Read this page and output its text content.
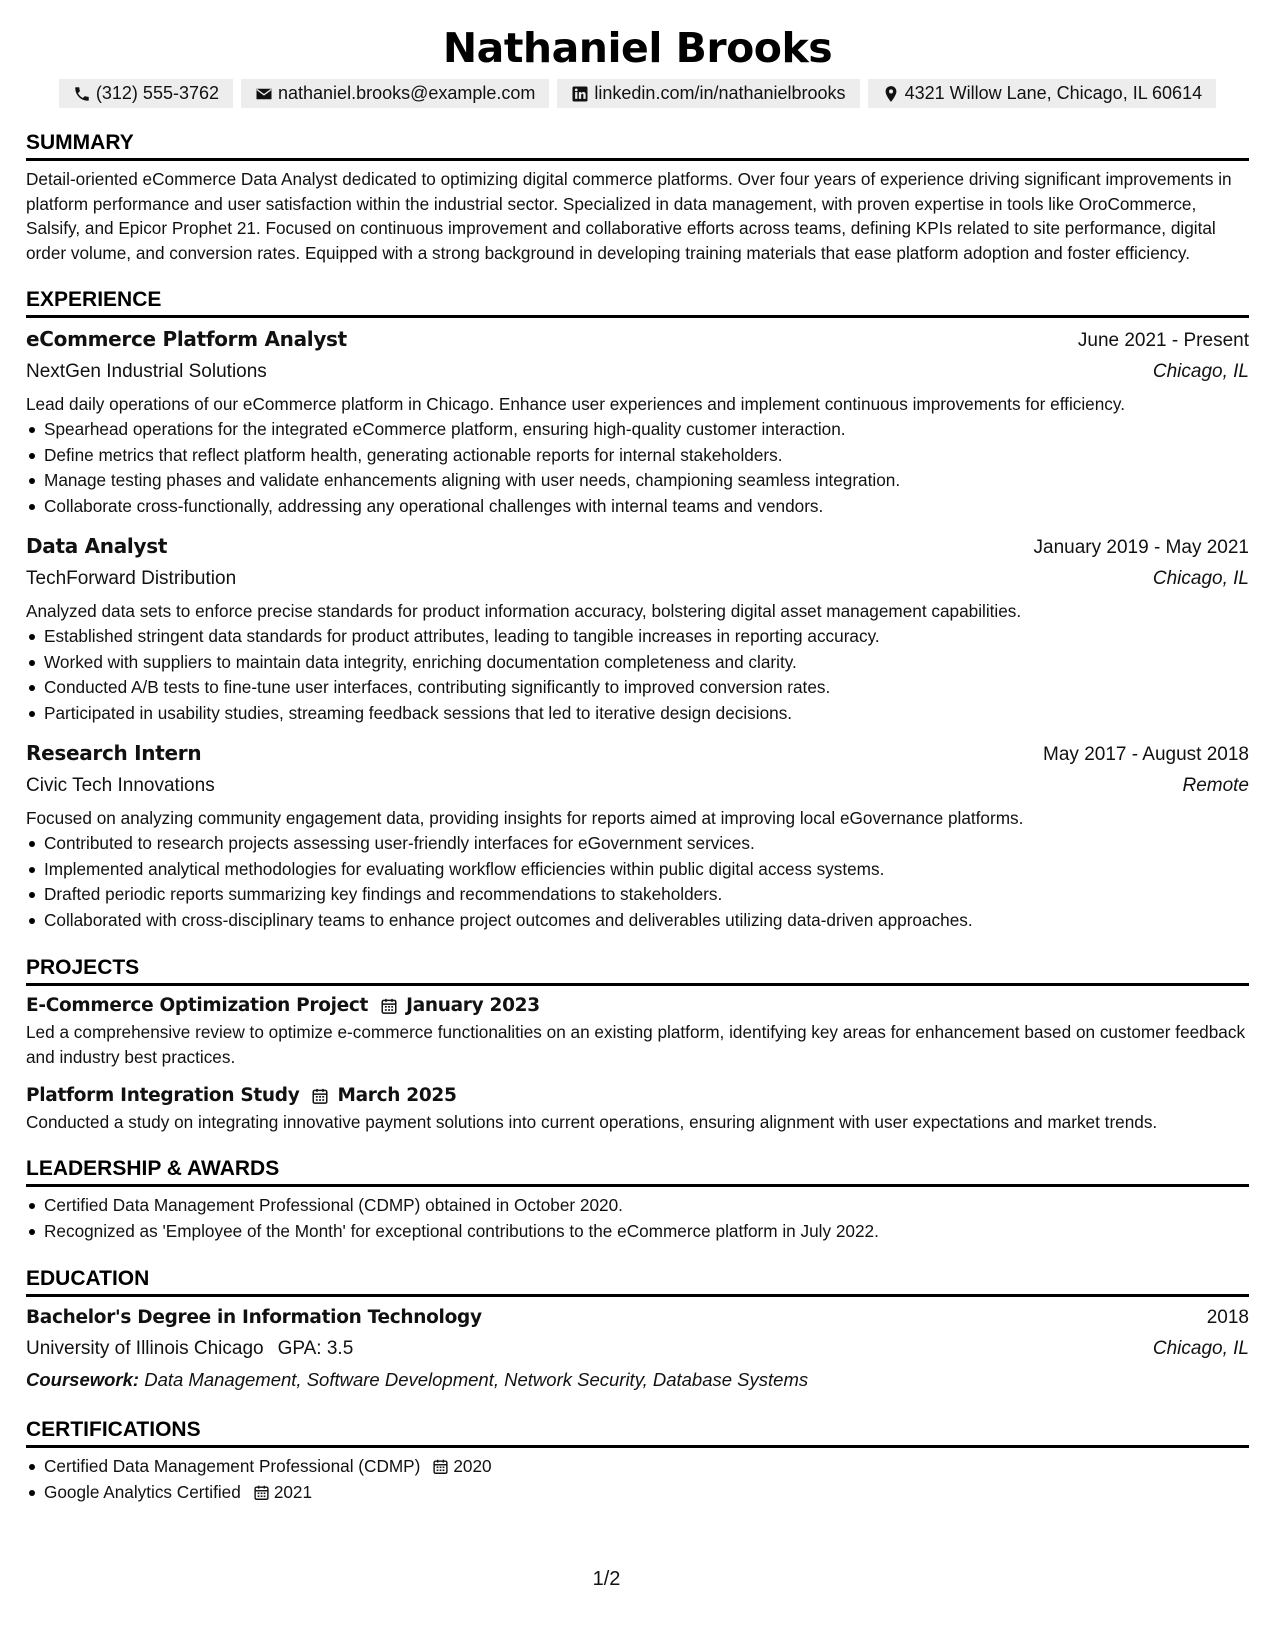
Nathaniel Brooks
(312) 555-3762	nathaniel.brooks@example.com	linkedin.com/in/nathanielbrooks	4321 Willow Lane, Chicago, IL 60614
SUMMARY
Detail-oriented eCommerce Data Analyst dedicated to optimizing digital commerce platforms. Over four years of experience driving significant improvements in platform performance and user satisfaction within the industrial sector. Specialized in data management, with proven expertise in tools like OroCommerce, Salsify, and Epicor Prophet 21. Focused on continuous improvement and collaborative efforts across teams, defining KPIs related to site performance, digital order volume, and conversion rates. Equipped with a strong background in developing training materials that ease platform adoption and foster efficiency.
EXPERIENCE
eCommerce Platform Analyst	June 2021 - Present
NextGen Industrial Solutions	Chicago, IL
Lead daily operations of our eCommerce platform in Chicago. Enhance user experiences and implement continuous improvements for efficiency.
Spearhead operations for the integrated eCommerce platform, ensuring high-quality customer interaction.
Define metrics that reflect platform health, generating actionable reports for internal stakeholders.
Manage testing phases and validate enhancements aligning with user needs, championing seamless integration.
Collaborate cross-functionally, addressing any operational challenges with internal teams and vendors.
Data Analyst	January 2019 - May 2021
TechForward Distribution	Chicago, IL
Analyzed data sets to enforce precise standards for product information accuracy, bolstering digital asset management capabilities.
Established stringent data standards for product attributes, leading to tangible increases in reporting accuracy.
Worked with suppliers to maintain data integrity, enriching documentation completeness and clarity.
Conducted A/B tests to fine-tune user interfaces, contributing significantly to improved conversion rates.
Participated in usability studies, streaming feedback sessions that led to iterative design decisions.
Research Intern	May 2017 - August 2018
Civic Tech Innovations	Remote
Focused on analyzing community engagement data, providing insights for reports aimed at improving local eGovernance platforms.
Contributed to research projects assessing user-friendly interfaces for eGovernment services.
Implemented analytical methodologies for evaluating workflow efficiencies within public digital access systems.
Drafted periodic reports summarizing key findings and recommendations to stakeholders.
Collaborated with cross-disciplinary teams to enhance project outcomes and deliverables utilizing data-driven approaches.
PROJECTS
E-Commerce Optimization Project January 2023
Led a comprehensive review to optimize e-commerce functionalities on an existing platform, identifying key areas for enhancement based on customer feedback and industry best practices.
Platform Integration Study March 2025
Conducted a study on integrating innovative payment solutions into current operations, ensuring alignment with user expectations and market trends.
LEADERSHIP & AWARDS
Certified Data Management Professional (CDMP) obtained in October 2020.
Recognized as 'Employee of the Month' for exceptional contributions to the eCommerce platform in July 2022.
EDUCATION
Bachelor's Degree in Information Technology	2018
University of Illinois Chicago GPA: 3.5	Chicago, IL
Coursework: Data Management, Software Development, Network Security, Database Systems
CERTIFICATIONS
Certified Data Management Professional (CDMP) 2020
Google Analytics Certified 2021
1/2
